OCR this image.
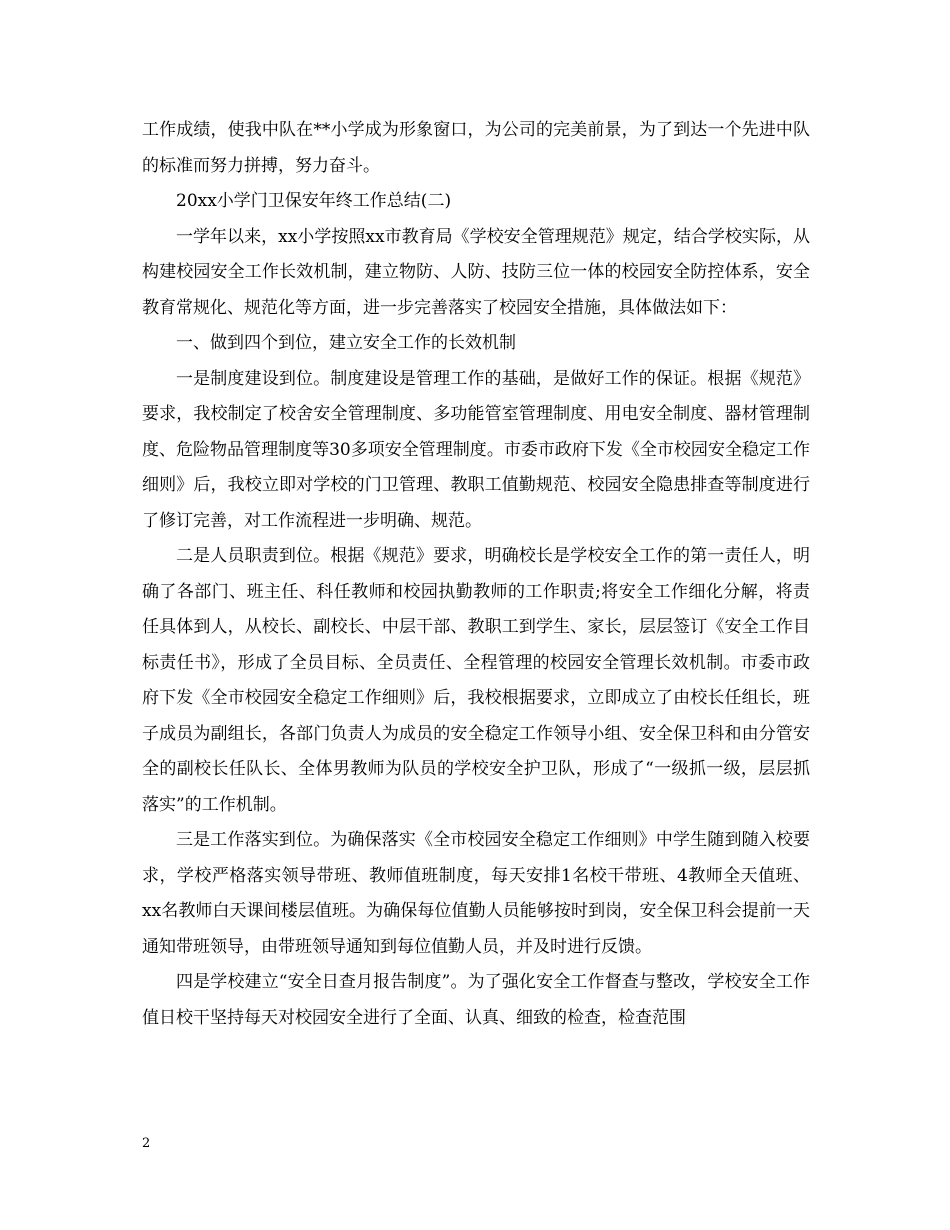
工作成绩，使我中队在**小学成为形象窗口，为公司的完美前景，为了到达一个先进中队的标准而努力拼搏，努力奋斗。

20xx小学门卫保安年终工作总结(二)

一学年以来，xx小学按照xx市教育局《学校安全管理规范》规定，结合学校实际，从构建校园安全工作长效机制，建立物防、人防、技防三位一体的校园安全防控体系，安全教育常规化、规范化等方面，进一步完善落实了校园安全措施，具体做法如下：

一、做到四个到位，建立安全工作的长效机制

一是制度建设到位。制度建设是管理工作的基础，是做好工作的保证。根据《规范》要求，我校制定了校舍安全管理制度、多功能管室管理制度、用电安全制度、器材管理制度、危险物品管理制度等30多项安全管理制度。市委市政府下发《全市校园安全稳定工作细则》后，我校立即对学校的门卫管理、教职工值勤规范、校园安全隐患排查等制度进行了修订完善，对工作流程进一步明确、规范。

二是人员职责到位。根据《规范》要求，明确校长是学校安全工作的第一责任人，明确了各部门、班主任、科任教师和校园执勤教师的工作职责;将安全工作细化分解，将责任具体到人，从校长、副校长、中层干部、教职工到学生、家长，层层签订《安全工作目标责任书》，形成了全员目标、全员责任、全程管理的校园安全管理长效机制。市委市政府下发《全市校园安全稳定工作细则》后，我校根据要求，立即成立了由校长任组长，班子成员为副组长，各部门负责人为成员的安全稳定工作领导小组、安全保卫科和由分管安全的副校长任队长、全体男教师为队员的学校安全护卫队，形成了“一级抓一级，层层抓落实”的工作机制。

三是工作落实到位。为确保落实《全市校园安全稳定工作细则》中学生随到随入校要求，学校严格落实领导带班、教师值班制度，每天安排1名校干带班、4教师全天值班、xx名教师白天课间楼层值班。为确保每位值勤人员能够按时到岗，安全保卫科会提前一天通知带班领导，由带班领导通知到每位值勤人员，并及时进行反馈。

四是学校建立“安全日查月报告制度”。为了强化安全工作督查与整改，学校安全工作值日校干坚持每天对校园安全进行了全面、认真、细致的检查，检查范围

2
